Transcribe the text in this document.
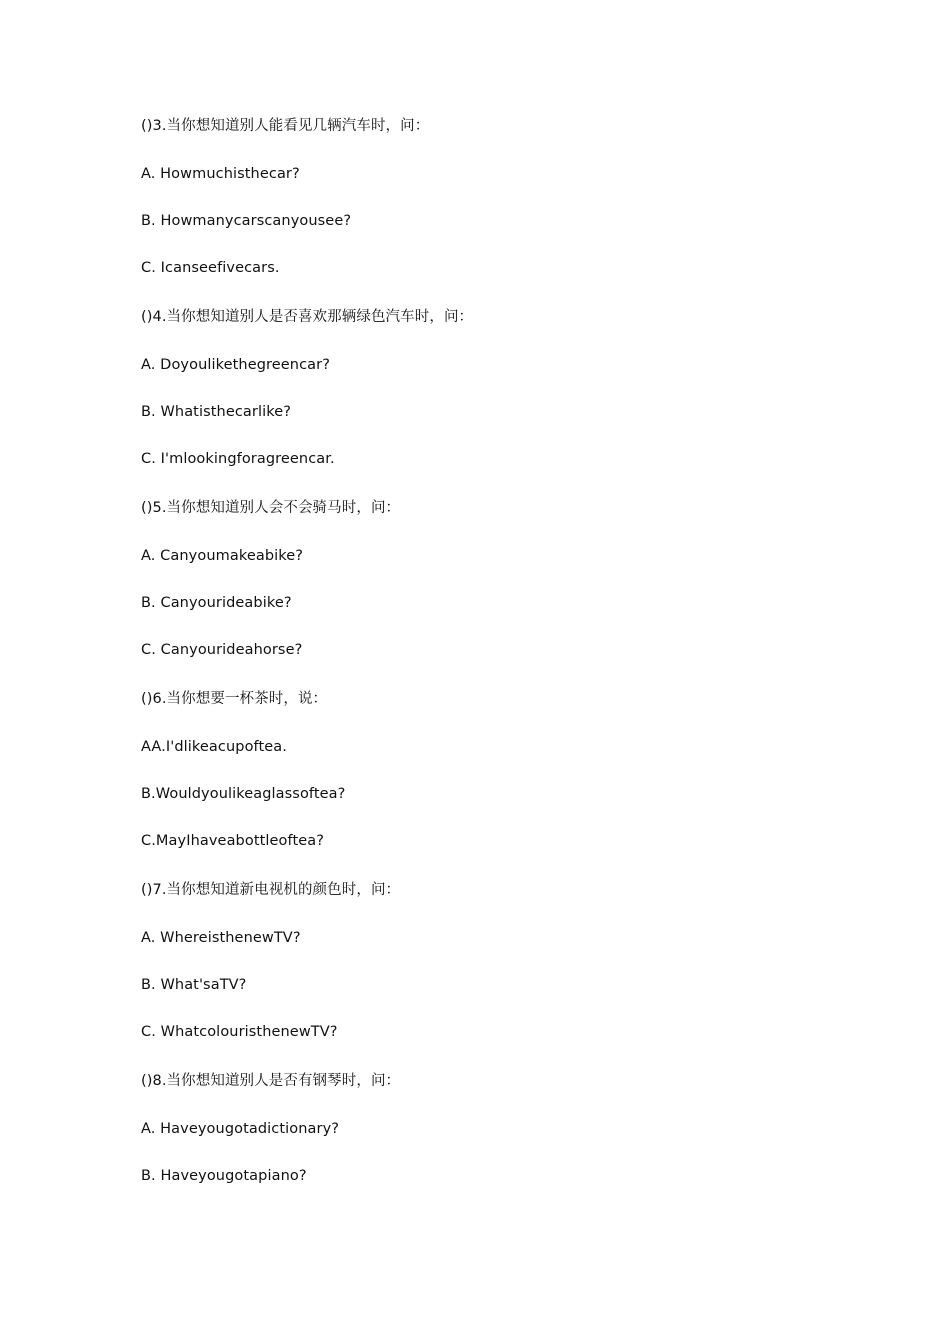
()3.当你想知道别人能看见几辆汽车时，问：
A. Howmuchisthecar?
B. Howmanycarscanyousee?
C. Icanseefivecars.
()4.当你想知道别人是否喜欢那辆绿色汽车时，问：
A. Doyoulikethegreencar?
B. Whatisthecarlike?
C. I'mlookingforagreencar.
()5.当你想知道别人会不会骑马时，问：
A. Canyoumakeabike?
B. Canyourideabike?
C. Canyourideahorse?
()6.当你想要一杯茶时，说：
AA.I'dlikeacupoftea.
B.Wouldyoulikeaglassoftea?
C.MayIhaveabottleoftea?
()7.当你想知道新电视机的颜色时，问：
A. WhereisthenewTV?
B. What'saTV?
C. WhatcolouristhenewTV?
()8.当你想知道别人是否有钢琴时，问：
A. Haveyougotadictionary?
B. Haveyougotapiano?
